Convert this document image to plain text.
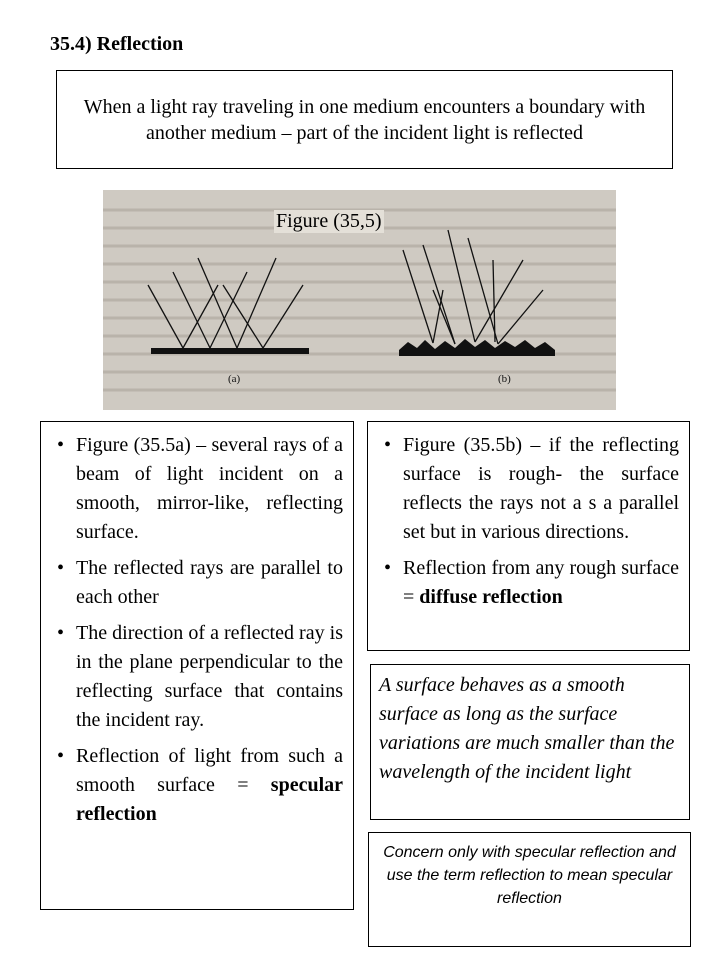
35.4) Reflection
When a light ray traveling in one medium encounters a boundary with another medium – part of the incident light is reflected
(a)	(b)
Figure (35,5)
• Figure (35.5a) – several rays of a beam of light incident on a smooth, mirror-like, reflecting surface.
• The reflected rays are parallel to each other
• The direction of a reflected ray is in the plane perpendicular to the reflecting surface that contains the incident ray.
• Reflection of light from such a smooth surface = specular reflection
• Figure (35.5b) – if the reflecting surface is rough- the surface reflects the rays not a s a parallel set but in various directions.
• Reflection from any rough surface = diffuse reflection
A surface behaves as a smooth surface as long as the surface variations are much smaller than the wavelength of the incident light
Concern only with specular reflection and use the term reflection to mean specular reflection
